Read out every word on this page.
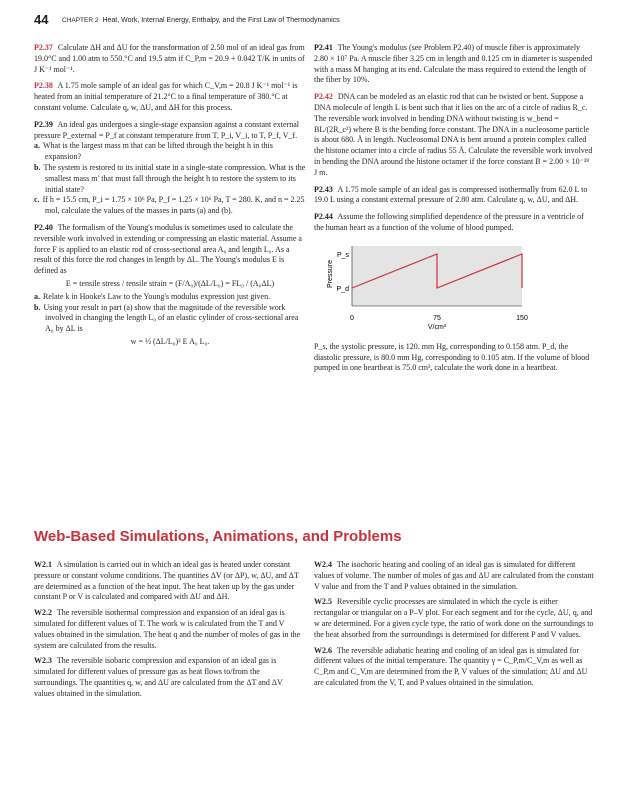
44 CHAPTER 2 Heat, Work, Internal Energy, Enthalpy, and the First Law of Thermodynamics
P2.37 Calculate ΔH and ΔU for the transformation of 2.50 mol of an ideal gas from 19.0°C and 1.00 atm to 550.°C and 19.5 atm if C_P,m = 20.9 + 0.042 T/K in units of J K⁻¹ mol⁻¹.
P2.38 A 1.75 mole sample of an ideal gas for which C_V,m = 20.8 J K⁻¹ mol⁻¹ is heated from an initial temperature of 21.2°C to a final temperature of 380.°C at constant volume. Calculate q, w, ΔU, and ΔH for this process.
P2.39 An ideal gas undergoes a single-stage expansion against a constant external pressure P_external = P_f at constant temperature from T, P_i, V_i, to T, P_f, V_f.
a. What is the largest mass m that can be lifted through the height h in this expansion?
b. The system is restored to its initial state in a single-state compression. What is the smallest mass m′ that must fall through the height h to restore the system to its initial state?
c. If h = 15.5 cm, P_i = 1.75 × 10⁶ Pa, P_f = 1.25 × 10⁶ Pa, T = 280. K, and n = 2.25 mol, calculate the values of the masses in parts (a) and (b).
P2.40 The formalism of the Young's modulus is sometimes used to calculate the reversible work involved in extending or compressing an elastic material. Assume a force F is applied to an elastic rod of cross-sectional area A₀ and length L₀. As a result of this force the rod changes in length by ΔL. The Young's modulus E is defined as
E = tensile stress / tensile strain = (F/A₀)/(ΔL/L₀) = FL₀ / (A₀ΔL)
a. Relate k in Hooke's Law to the Young's modulus expression just given.
b. Using your result in part (a) show that the magnitude of the reversible work involved in changing the length L₀ of an elastic cylinder of cross-sectional area A₀ by ΔL is
w = ½ (ΔL/L₀)² E A₀ L₀.
P2.41 The Young's modulus (see Problem P2.40) of muscle fiber is approximately 2.80 × 10⁷ Pa. A muscle fiber 3.25 cm in length and 0.125 cm in diameter is suspended with a mass M hanging at its end. Calculate the mass required to extend the length of the fiber by 10%.
P2.42 DNA can be modeled as an elastic rod that can be twisted or bent. Suppose a DNA molecule of length L is bent such that it lies on the arc of a circle of radius R_c. The reversible work involved in bending DNA without twisting is w_bend = BL/(2R_c²) where B is the bending force constant. The DNA in a nucleosome particle is about 680. Å in length. Nucleosomal DNA is bent around a protein complex called the histone octamer into a circle of radius 55 Å. Calculate the reversible work involved in bending the DNA around the histone octamer if the force constant B = 2.00 × 10⁻²⁸ J m.
P2.43 A 1.75 mole sample of an ideal gas is compressed isothermally from 62.0 L to 19.0 L using a constant external pressure of 2.80 atm. Calculate q, w, ΔU, and ΔH.
P2.44 Assume the following simplified dependence of the pressure in a ventricle of the human heart as a function of the volume of blood pumped.
Pressure
P_s
P_d
0	75	150
V/cm³
P_s, the systolic pressure, is 120. mm Hg, corresponding to 0.158 atm. P_d, the diastolic pressure, is 80.0 mm Hg, corresponding to 0.105 atm. If the volume of blood pumped in one heartbeat is 75.0 cm³, calculate the work done in a heartbeat.
Web-Based Simulations, Animations, and Problems
W2.1 A simulation is carried out in which an ideal gas is heated under constant pressure or constant volume conditions. The quantities ΔV (or ΔP), w, ΔU, and ΔT are determined as a function of the heat input. The heat taken up by the gas under constant P or V is calculated and compared with ΔU and ΔH.
W2.2 The reversible isothermal compression and expansion of an ideal gas is simulated for different values of T. The work w is calculated from the T and V values obtained in the simulation. The heat q and the number of moles of gas in the system are calculated from the results.
W2.3 The reversible isobaric compression and expansion of an ideal gas is simulated for different values of pressure gas as heat flows to/from the surroundings. The quantities q, w, and ΔU are calculated from the ΔT and ΔV values obtained in the simulation.
W2.4 The isochoric heating and cooling of an ideal gas is simulated for different values of volume. The number of moles of gas and ΔU are calculated from the constant V value and from the T and P values obtained in the simulation.
W2.5 Reversible cyclic processes are simulated in which the cycle is either rectangular or triangular on a P–V plot. For each segment and for the cycle, ΔU, q, and w are determined. For a given cycle type, the ratio of work done on the surroundings to the heat absorbed from the surroundings is determined for different P and V values.
W2.6 The reversible adiabatic heating and cooling of an ideal gas is simulated for different values of the initial temperature. The quantity γ = C_P,m/C_V,m as well as C_P,m and C_V,m are determined from the P, V values of the simulation; ΔU and ΔU are calculated from the V, T, and P values obtained in the simulation.
